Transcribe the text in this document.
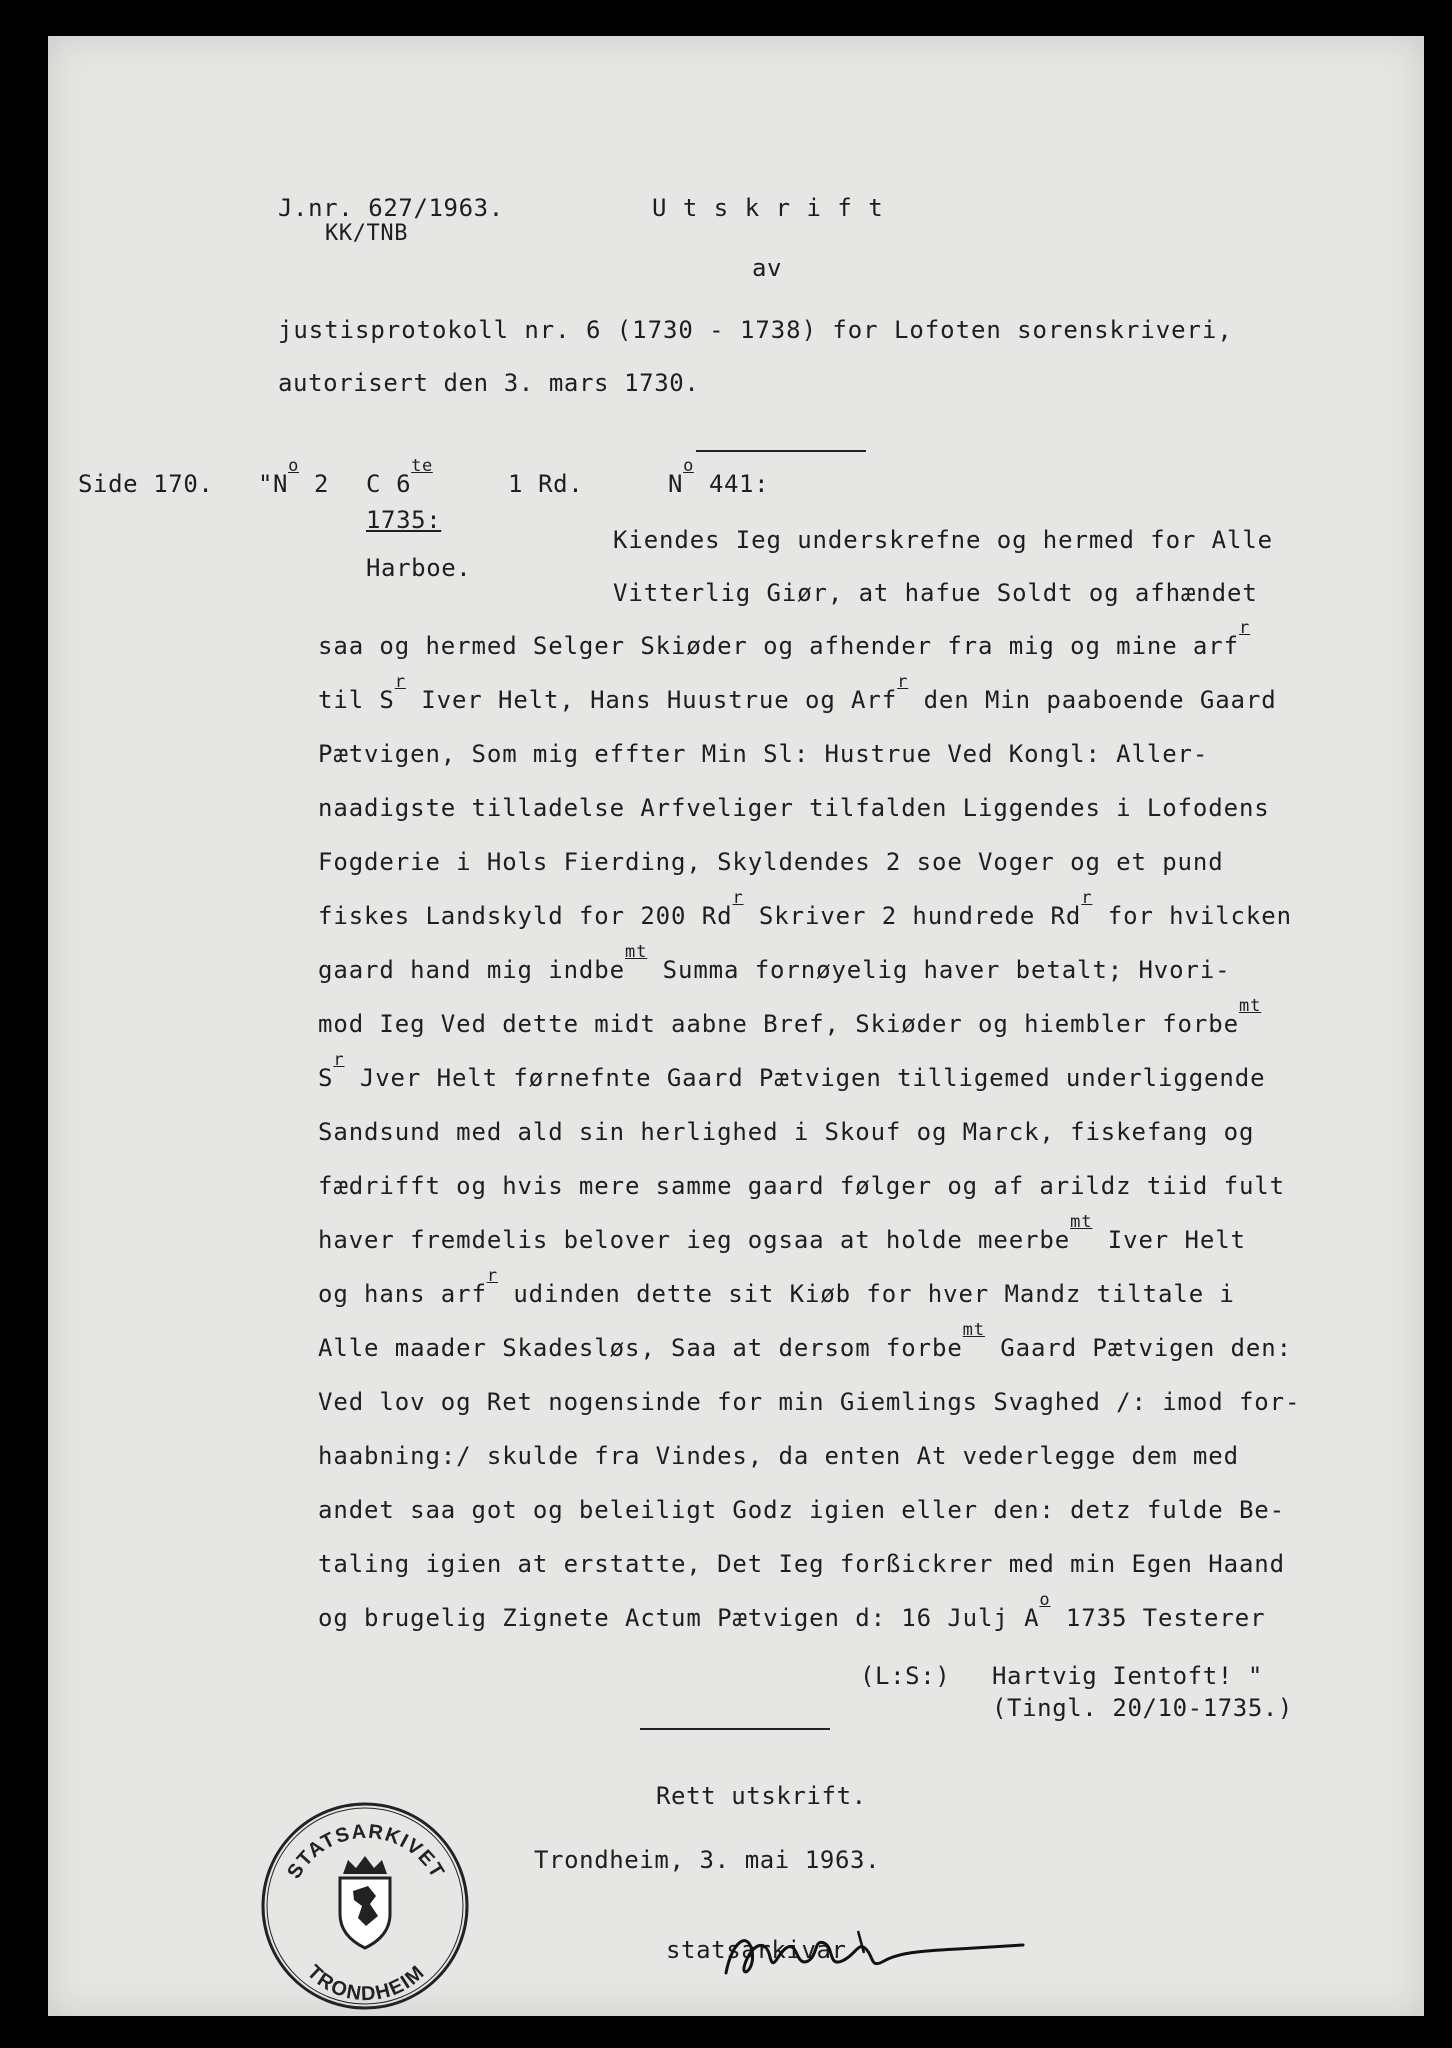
J.nr. 627/1963.
KK/TNB
U t s k r i f t
av
justisprotokoll nr. 6 (1730 - 1738) for Lofoten sorenskriveri,
autorisert den 3. mars 1730.
Side 170. "$N^o$ 2 C $6^{te}$
1 Rd.
1735:
Harboe.
$N^o$ 441:
Kiendes Ieg underskrefne og hermed for Alle
Vitterlig Giør, at hafue Soldt og afhændet
saa og hermed Selger Skiøder og afhender fra mig og mine arf$^r$
til $S^r$ Iver Helt, Hans Huustrue og Arf$^r$ den Min paaboende Gaard
Pætvigen, Som mig effter Min Sl: Hustrue Ved Kongl: Aller-
naadigste tilladelse Arfveliger tilfalden Liggendes i Lofodens
Fogderie i Hols Fierding, Skyldendes 2 soe Voger og et pund
fiskes Landskyld for 200 Rd$^r$ Skriver 2 hundrede Rd$^r$ for hvilcken
gaard hand mig indbe$^{mt}$ Summa fornøyelig haver betalt; Hvori-
mod Ieg Ved dette midt aabne Bref, Skiøder og hiembler forbe$^{mt}$
$S^r$ Jver Helt førnefnte Gaard Pætvigen tilligemed underliggende
Sandsund med ald sin herlighed i Skouf og Marck, fiskefang og
fædrifft og hvis mere samme gaard følger og af arildz tiid fult
haver fremdelis belover ieg ogsaa at holde meerbe$^{mt}$ Iver Helt
og hans arf$^r$ udinden dette sit Kiøb for hver Mandz tiltale i
Alle maader Skadesløs, Saa at dersom forbe$^{mt}$ Gaard Pætvigen den:
Ved lov og Ret nogensinde for min Giemlings Svaghed /: imod for-
haabning:/ skulde fra Vindes, da enten At vederlegge dem med
andet saa got og beleiligt Godz igien eller den: detz fulde Be-
taling igien at erstatte, Det Ieg forßickrer med min Egen Haand
og brugelig Zignete Actum Pætvigen d: 16 Julj $A^o$ 1735 Testerer
(L:S:) Hartvig Ientoft! "
(Tingl. 20/10-1735.)
Rett utskrift.
Trondheim, 3. mai 1963.
statsarkivar
STATSARKIVET
TRONDHEIM
